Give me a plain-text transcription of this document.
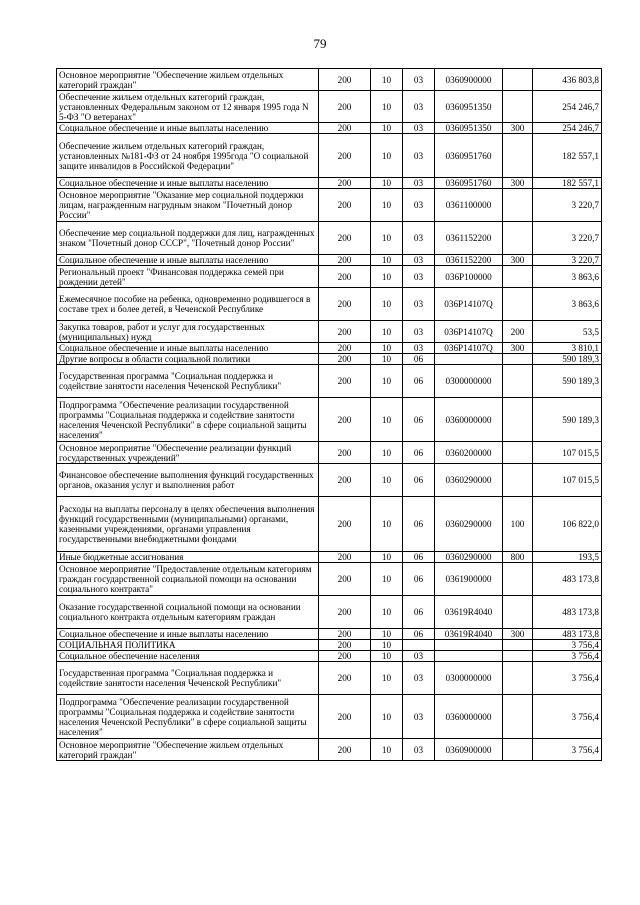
79
Основное мероприятие "Обеспечение жильем отдельных категорий граждан"	200	10	03	0360900000		436 803,8
Обеспечение жильем отдельных категорий граждан, установленных Федеральным законом от 12 января 1995 года N 5-ФЗ "О ветеранах"	200	10	03	0360951350		254 246,7
Социальное обеспечение и иные выплаты населению	200	10	03	0360951350	300	254 246,7
Обеспечение жильем отдельных категорий граждан, установленных №181-ФЗ от 24 ноября 1995года "О социальной защите инвалидов в Российской Федерации"	200	10	03	0360951760		182 557,1
Социальное обеспечение и иные выплаты населению	200	10	03	0360951760	300	182 557,1
Основное мероприятие "Оказание мер социальной поддержки лицам, награжденным нагрудным знаком "Почетный донор России"	200	10	03	0361100000		3 220,7
Обеспечение мер социальной поддержки для лиц, награжденных знаком "Почетный донор СССР", "Почетный донор России"	200	10	03	0361152200		3 220,7
Социальное обеспечение и иные выплаты населению	200	10	03	0361152200	300	3 220,7
Региональный проект "Финансовая поддержка семей при рождении детей"	200	10	03	036P100000		3 863,6
Ежемесячное пособие на ребенка, одновременно родившегося в составе трех и более детей, в Чеченской Республике	200	10	03	036P14107Q		3 863,6
Закупка товаров, работ и услуг для государственных (муниципальных) нужд	200	10	03	036P14107Q	200	53,5
Социальное обеспечение и иные выплаты населению	200	10	03	036P14107Q	300	3 810,1
Другие вопросы в области социальной политики	200	10	06			590 189,3
Государственная программа "Социальная поддержка и содействие занятости населения Чеченской Республики"	200	10	06	0300000000		590 189,3
Подпрограмма "Обеспечение реализации государственной программы "Социальная поддержка и содействие занятости населения Чеченской Республики" в сфере социальной защиты населения"	200	10	06	0360000000		590 189,3
Основное мероприятие "Обеспечение реализации функций государственных учреждений"	200	10	06	0360200000		107 015,5
Финансовое обеспечение выполнения функций государственных органов, оказания услуг и выполнения работ	200	10	06	0360290000		107 015,5
Расходы на выплаты персоналу в целях обеспечения выполнения функций государственными (муниципальными) органами, казенными учреждениями, органами управления государственными внебюджетными фондами	200	10	06	0360290000	100	106 822,0
Иные бюджетные ассигнования	200	10	06	0360290000	800	193,5
Основное мероприятие "Предоставление отдельным категориям граждан государственной социальной помощи на основании социального контракта"	200	10	06	0361900000		483 173,8
Оказание государственной социальной помощи на основании социального контракта отдельным категориям граждан	200	10	06	03619R4040		483 173,8
Социальное обеспечение и иные выплаты населению	200	10	06	03619R4040	300	483 173,8
СОЦИАЛЬНАЯ ПОЛИТИКА	200	10				3 756,4
Социальное обеспечение населения	200	10	03			3 756,4
Государственная программа "Социальная поддержка и содействие занятости населения Чеченской Республики"	200	10	03	0300000000		3 756,4
Подпрограмма "Обеспечение реализации государственной программы "Социальная поддержка и содействие занятости населения Чеченской Республики" в сфере социальной защиты населения"	200	10	03	0360000000		3 756,4
Основное мероприятие "Обеспечение жильем отдельных категорий граждан"	200	10	03	0360900000		3 756,4
